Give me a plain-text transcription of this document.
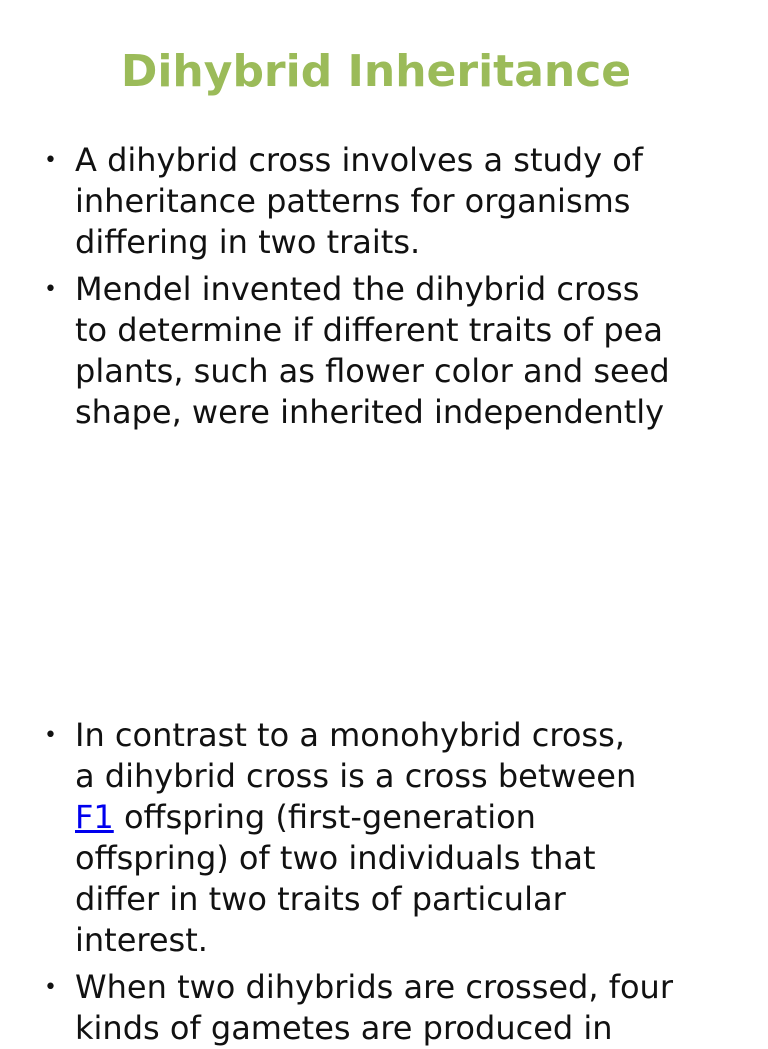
Dihybrid Inheritance
• A dihybrid cross involves a study of
inheritance patterns for organisms
differing in two traits.
• Mendel invented the dihybrid cross
to determine if different traits of pea
plants, such as flower color and seed
shape, were inherited independently
• In contrast to a monohybrid cross,
a dihybrid cross is a cross between
F1 offspring (first-generation
offspring) of two individuals that
differ in two traits of particular
interest.
• When two dihybrids are crossed, four
kinds of gametes are produced in
